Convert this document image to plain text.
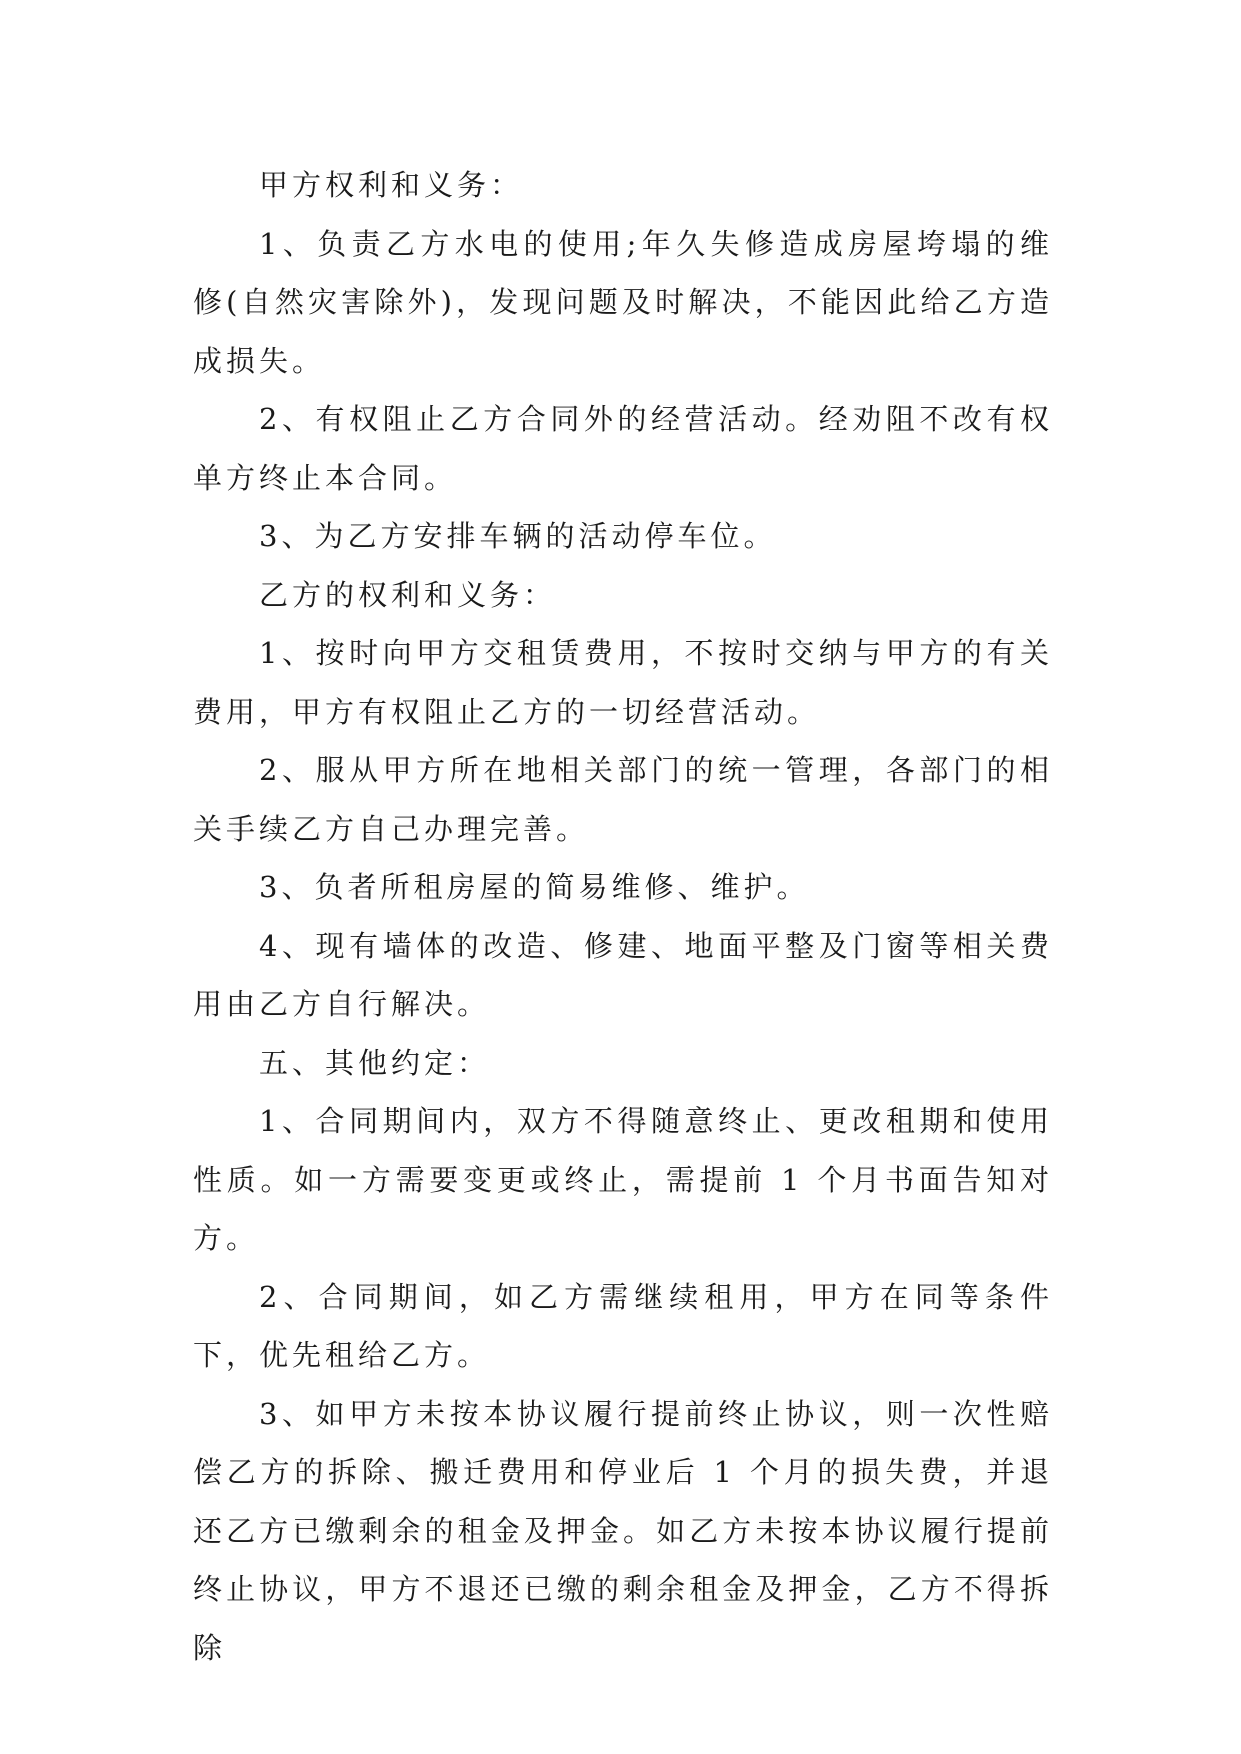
甲方权利和义务：

1、负责乙方水电的使用;年久失修造成房屋垮塌的维修(自然灾害除外)，发现问题及时解决，不能因此给乙方造成损失。

2、有权阻止乙方合同外的经营活动。经劝阻不改有权单方终止本合同。

3、为乙方安排车辆的活动停车位。

乙方的权利和义务：

1、按时向甲方交租赁费用，不按时交纳与甲方的有关费用，甲方有权阻止乙方的一切经营活动。

2、服从甲方所在地相关部门的统一管理，各部门的相关手续乙方自己办理完善。

3、负者所租房屋的简易维修、维护。

4、现有墙体的改造、修建、地面平整及门窗等相关费用由乙方自行解决。

五、其他约定：

1、合同期间内，双方不得随意终止、更改租期和使用性质。如一方需要变更或终止，需提前 1 个月书面告知对方。

2、合同期间，如乙方需继续租用，甲方在同等条件下，优先租给乙方。

3、如甲方未按本协议履行提前终止协议，则一次性赔偿乙方的拆除、搬迁费用和停业后 1 个月的损失费，并退还乙方已缴剩余的租金及押金。如乙方未按本协议履行提前终止协议，甲方不退还已缴的剩余租金及押金，乙方不得拆除
